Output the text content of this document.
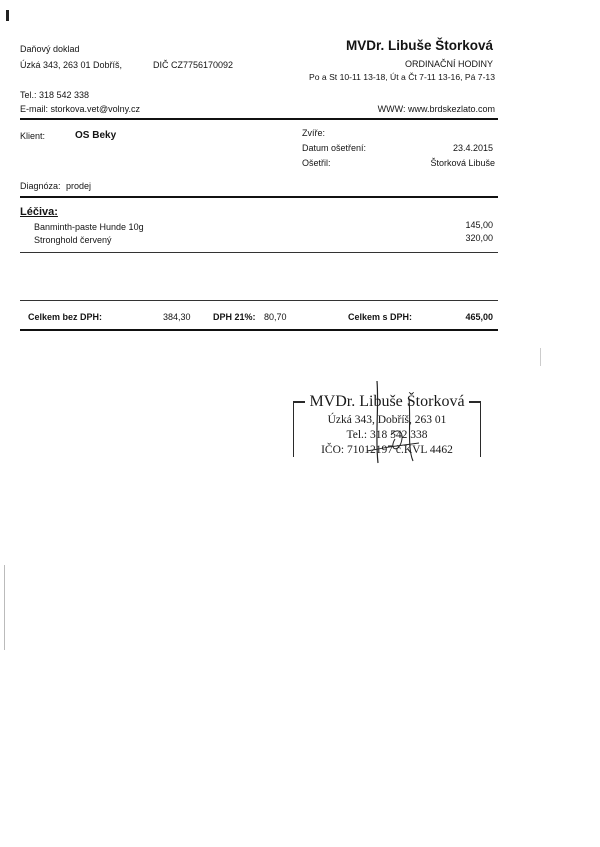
Daňový doklad	MVDr. Libuše Štorková
Úzká 343, 263 01 Dobříš,	DIČ CZ7756170092	ORDINAČNÍ HODINY
Po a St 10-11 13-18, Út a Čt 7-11 13-16, Pá 7-13
Tel.: 318 542 338
E-mail: storkova.vet@volny.cz	WWW: www.brdskezlato.com
Klient:	OS Beky	Zvíře:
Datum ošetření:	23.4.2015
Ošetřil:	Štorková Libuše
Diagnóza: prodej
Léčiva:
Banminth-paste Hunde 10g	145,00
Stronghold červený	320,00
Celkem bez DPH:	384,30 DPH 21%: 80,70	Celkem s DPH:	465,00
MVDr. Libuše Štorková
Úzká 343, Dobříš, 263 01
Tel.: 318 542 338
IČO: 71012197 č.KVL 4462
